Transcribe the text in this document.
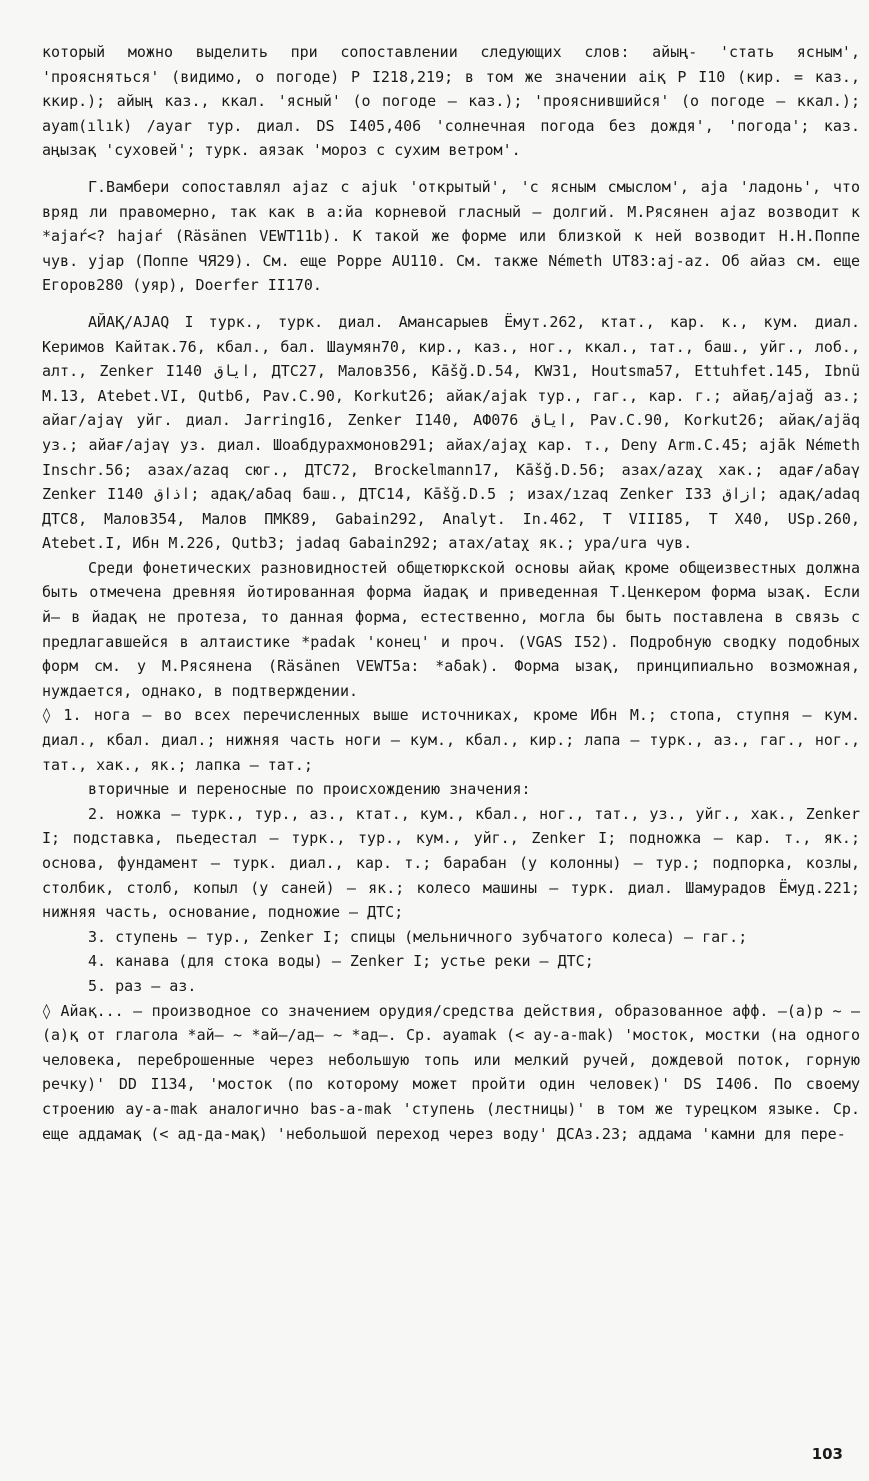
который можно выделить при сопоставлении следующих слов: айың- 'стать ясным', 'проясняться' (видимо, о погоде) P I218,219; в том же значении аіқ P I10 (кир. = каз., ккир.); айың каз., ккал. 'ясный' (о погоде – каз.); 'прояснившийся' (о погоде – ккал.); ayam(ılık) /ayar тур. диал. DS I405,406 'солнечная погода без дождя', 'погода'; каз. аңызақ 'суховей'; турк. аязак 'мороз с сухим ветром'.

Г.Вамбери сопоставлял ajaz с ajuk 'открытый', 'с ясным смыслом', aja 'ладонь', что вряд ли правомерно, так как в а:йа корневой гласный – долгий. М.Рясянен ajaz возводит к *ajaŕ<? hajaŕ (Räsänen VEWT11b). К такой же форме или близкой к ней возводит Н.Н.Поппе чув. уjар (Поппе ЧЯ29). См. еще Poppe AU110. См. также Németh UT83:aj-az. Об айаз см. еще Егоров280 (уяр), Doerfer II170.

АЙАҚ/AJAQ I турк., турк. диал. Амансарыев Ёмут.262, ктат., кар. к., кум. диал. Керимов Кайтак.76, кбал., бал. Шаумян70, кир., каз., ног., ккал., тат., баш., уйг., лоб., алт., Zenker I140 ایاق, ДТС27, Малов356, Kāšğ.D.54, KW31, Houtsma57, Ettuhfet.145, Ibnü M.13, Atebet.VI, Qutb6, Pav.C.90, Korkut26; айак/ajak тур., гаг., кар. г.; айаҕ/ajağ аз.; айаг/ajaγ уйг. диал. Jarring16, Zenker I140, АФ076 ایاق, Pav.C.90, Korkut26; айақ/ajäq уз.; айағ/ajaγ уз. диал. Шоабдурахмонов291; айах/ajaχ кар. т., Deny Arm.C.45; ajāk Németh Inschr.56; азах/azaq сюг., ДТС72, Brockelmann17, Kāšğ.D.56; азах/azaχ хак.; адағ/aδaγ Zenker I140 اذاق; адақ/aδaq баш., ДТС14, Kāšğ.D.5 ; изах/ızaq Zenker I33 ازاق; адақ/adaq ДТС8, Малов354, Малов ПМК89, Gabain292, Analyt. In.462, T VIII85, T X40, USp.260, Atebet.I, Ибн М.226, Qutb3; jadaq Gabain292; атах/ataχ як.; ура/ura чув.

Среди фонетических разновидностей общетюркской основы айақ кроме общеизвестных должна быть отмечена древняя йотированная форма йадақ и приведенная Т.Ценкером форма ызақ. Если й– в йадақ не протеза, то данная форма, естественно, могла бы быть поставлена в связь с предлагавшейся в алтаистике *padak 'конец' и проч. (VGAS I52). Подробную сводку подобных форм см. у М.Рясянена (Räsänen VEWT5a: *aδak). Форма ызақ, принципиально возможная, нуждается, однако, в подтверждении.

◊ 1. нога – во всех перечисленных выше источниках, кроме Ибн М.; стопа, ступня – кум. диал., кбал. диал.; нижняя часть ноги – кум., кбал., кир.; лапа – турк., аз., гаг., ног., тат., хак., як.; лапка – тат.;

вторичные и переносные по происхождению значения:

2. ножка – турк., тур., аз., ктат., кум., кбал., ног., тат., уз., уйг., хак., Zenker I; подставка, пьедестал – турк., тур., кум., уйг., Zenker I; подножка – кар. т., як.; основа, фундамент – турк. диал., кар. т.; барабан (у колонны) – тур.; подпорка, козлы, столбик, столб, копыл (у саней) – як.; колесо машины – турк. диал. Шамурадов Ёмуд.221; нижняя часть, основание, подножие – ДТС;

3. ступень – тур., Zenker I; спицы (мельничного зубчатого колеса) – гаг.;

4. канава (для стока воды) – Zenker I; устье реки – ДТС;

5. раз – аз.

◊ Айақ... – производное со значением орудия/средства действия, образованное афф. –(а)р ~ –(а)қ от глагола *ай– ~ *ай–/ад– ~ *ад–. Ср. ayamak (< ay-a-mak) 'мосток, мостки (на одного человека, переброшенные через небольшую топь или мелкий ручей, дождевой поток, горную речку)' DD I134, 'мосток (по которому может пройти один человек)' DS I406. По своему строению ay-a-mak аналогично bas-a-mak 'ступень (лестницы)' в том же турецком языке. Ср. еще аддамақ (< ад-да-мақ) 'небольшой переход через воду' ДСАз.23; аддама 'камни для пере-

103
